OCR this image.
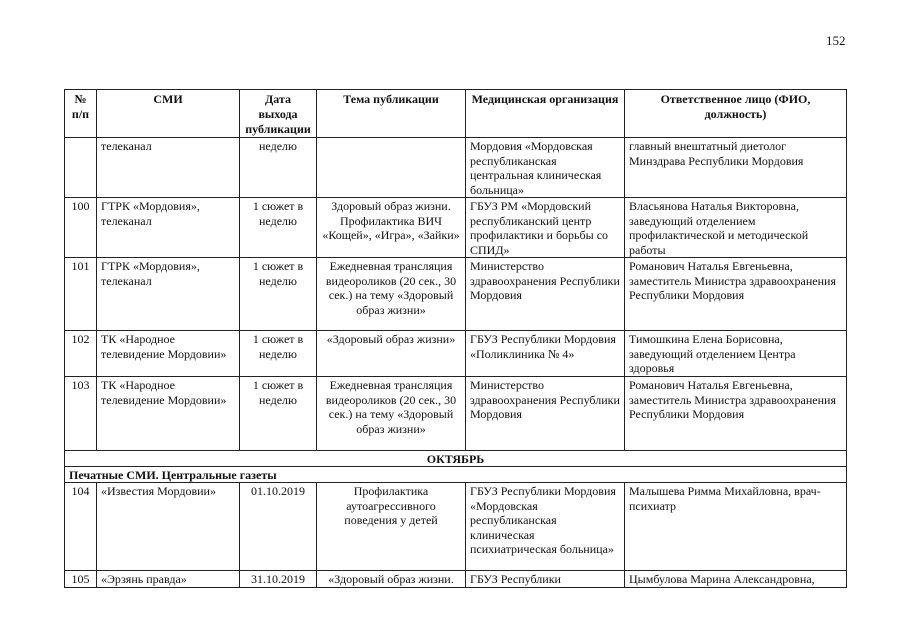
152
№ п/п	СМИ	Дата выхода публикации	Тема публикации	Медицинская организация	Ответственное лицо (ФИО, должность)
	телеканал	неделю		Мордовия «Мордовская республиканская центральная клиническая больница»	главный внештатный диетолог Минздрава Республики Мордовия
100	ГТРК «Мордовия», телеканал	1 сюжет в неделю	Здоровый образ жизни. Профилактика ВИЧ «Кощей», «Игра», «Зайки»	ГБУЗ РМ «Мордовский республиканский центр профилактики и борьбы со СПИД»	Власьянова Наталья Викторовна, заведующий отделением профилактической и методической работы
101	ГТРК «Мордовия», телеканал	1 сюжет в неделю	Ежедневная трансляция видеороликов (20 сек., 30 сек.) на тему «Здоровый образ жизни»	Министерство здравоохранения Республики Мордовия	Романович Наталья Евгеньевна, заместитель Министра здравоохранения Республики Мордовия
102	ТК «Народное телевидение Мордовии»	1 сюжет в неделю	«Здоровый образ жизни»	ГБУЗ Республики Мордовия «Поликлиника № 4»	Тимошкина Елена Борисовна, заведующий отделением Центра здоровья
103	ТК «Народное телевидение Мордовии»	1 сюжет в неделю	Ежедневная трансляция видеороликов (20 сек., 30 сек.) на тему «Здоровый образ жизни»	Министерство здравоохранения Республики Мордовия	Романович Наталья Евгеньевна, заместитель Министра здравоохранения Республики Мордовия
ОКТЯБРЬ					
Печатные СМИ. Центральные газеты					
104	«Известия Мордовии»	01.10.2019	Профилактика аутоагрессивного поведения у детей	ГБУЗ Республики Мордовия «Мордовская республиканская клиническая психиатрическая больница»	Малышева Римма Михайловна, врач-психиатр
105	«Эрзянь правда»	31.10.2019	«Здоровый образ жизни.	ГБУЗ Республики	Цымбулова Марина Александровна,
